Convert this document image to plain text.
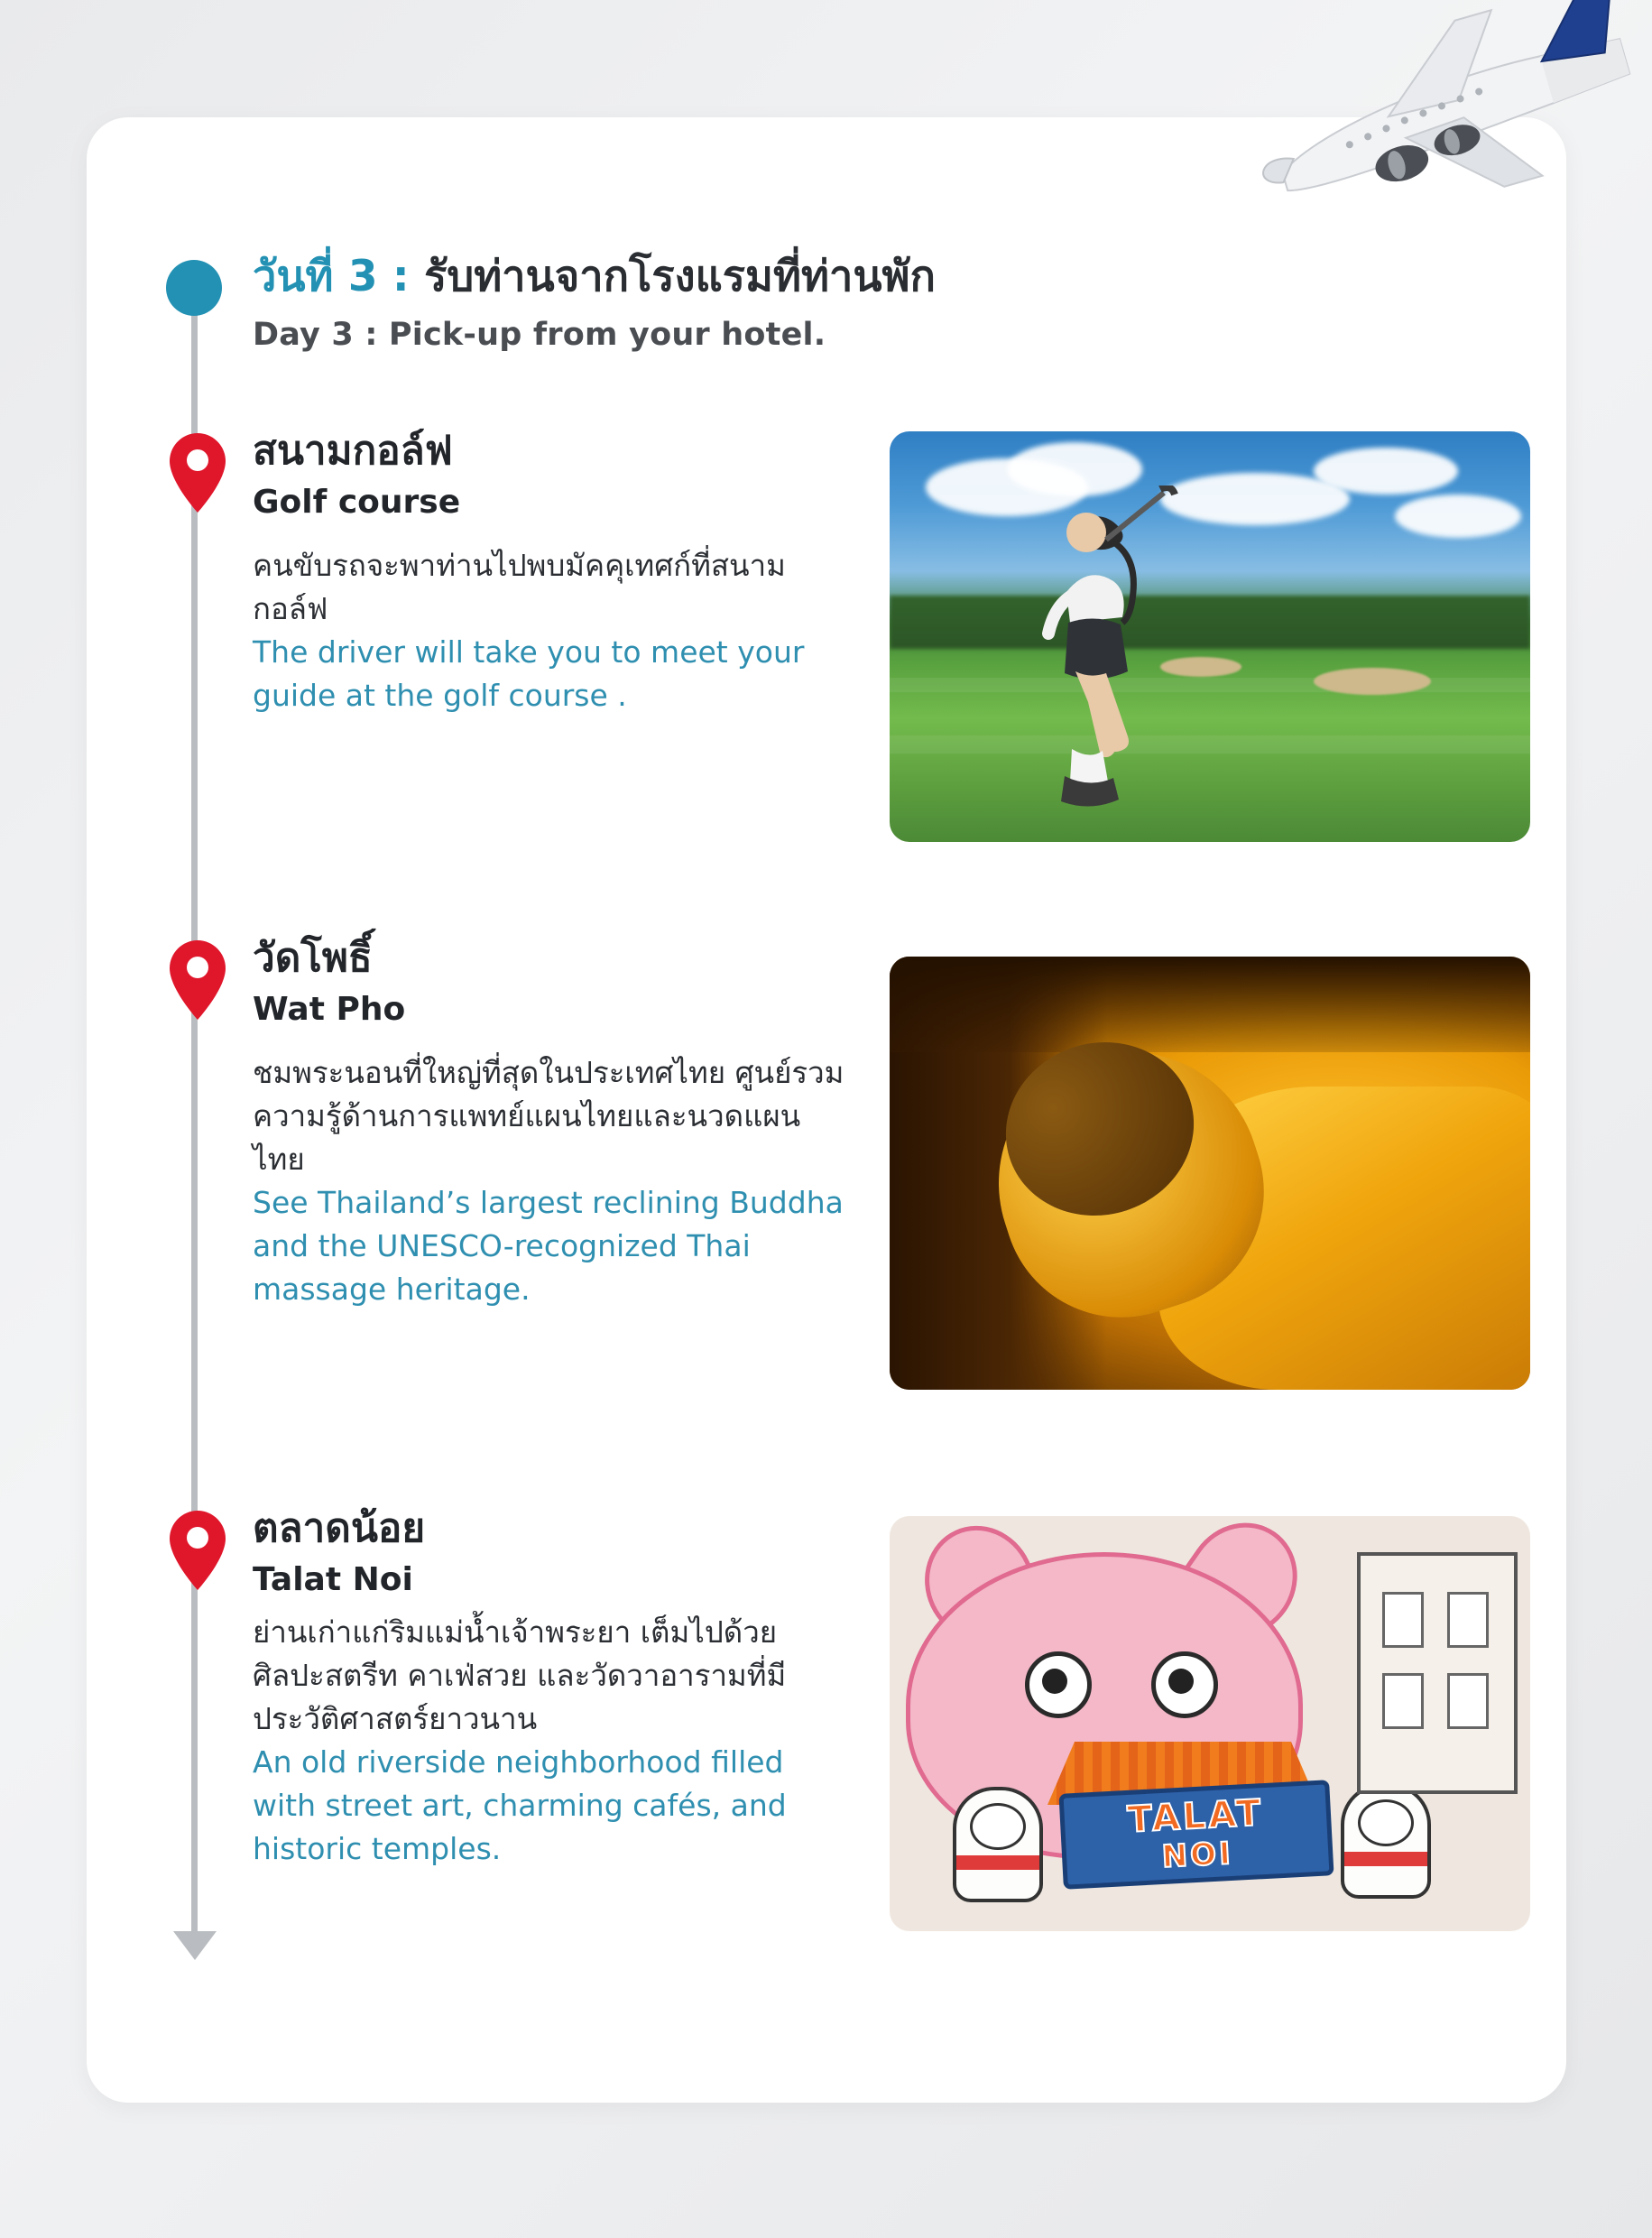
วันที่ 3 : รับท่านจากโรงแรมที่ท่านพัก
Day 3 : Pick-up from your hotel.
สนามกอล์ฟ
Golf course
คนขับรถจะพาท่านไปพบมัคคุเทศก์ที่สนามกอล์ฟ
The driver will take you to meet your guide at the golf course .
วัดโพธิ์
Wat Pho
ชมพระนอนที่ใหญ่ที่สุดในประเทศไทย ศูนย์รวมความรู้ด้านการแพทย์แผนไทยและนวดแผนไทย
See Thailand’s largest reclining Buddha and the UNESCO-recognized Thai massage heritage.
ตลาดน้อย
Talat Noi
ย่านเก่าแก่ริมแม่น้ำเจ้าพระยา เต็มไปด้วยศิลปะสตรีท คาเฟ่สวย และวัดวาอารามที่มีประวัติศาสตร์ยาวนาน
An old riverside neighborhood filled with street art, charming cafés, and historic temples.
TALAT
NOI
